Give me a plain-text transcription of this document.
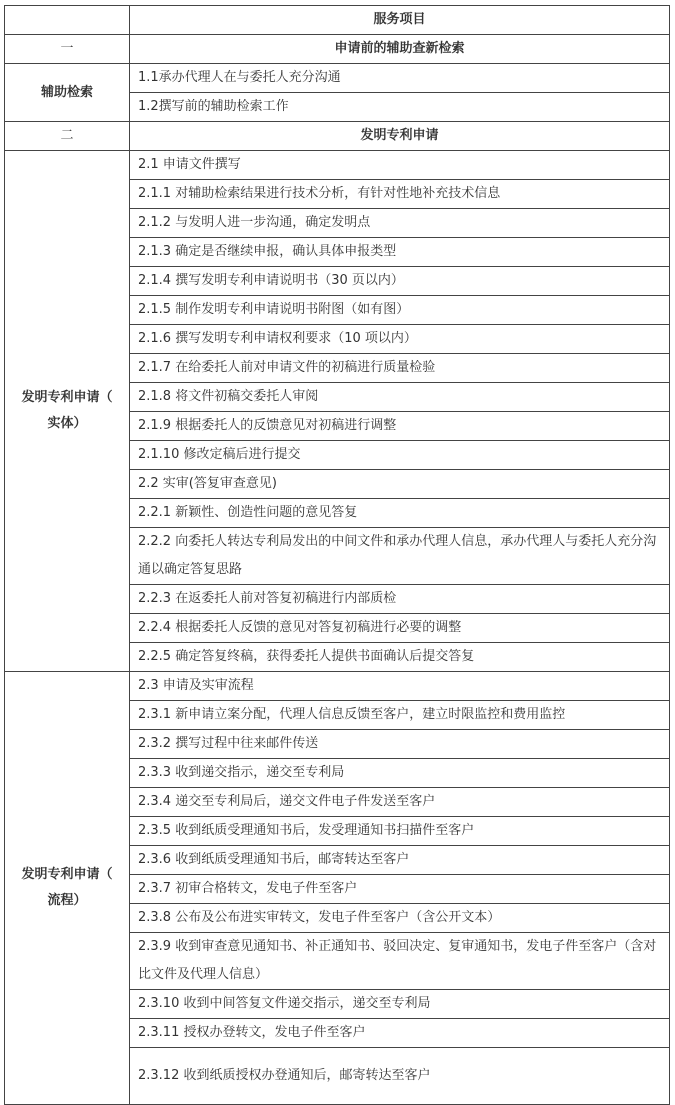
	服务项目
一	申请前的辅助查新检索

辅助检索	1.1承办代理人在与委托人充分沟通
	1.2撰写前的辅助检索工作
二	发明专利申请

发明专利申请（
实体）	2.1 申请文件撰写
	2.1.1 对辅助检索结果进行技术分析，有针对性地补充技术信息
	2.1.2 与发明人进一步沟通，确定发明点
	2.1.3 确定是否继续申报，确认具体申报类型
	2.1.4 撰写发明专利申请说明书（30 页以内）
	2.1.5 制作发明专利申请说明书附图（如有图）
	2.1.6 撰写发明专利申请权利要求（10 项以内）
	2.1.7 在给委托人前对申请文件的初稿进行质量检验
	2.1.8 将文件初稿交委托人审阅
	2.1.9 根据委托人的反馈意见对初稿进行调整
	2.1.10 修改定稿后进行提交
	2.2 实审(答复审查意见)
	2.2.1 新颖性、创造性问题的意见答复
	2.2.2 向委托人转达专利局发出的中间文件和承办代理人信息，承办代理人与委托人充分沟通以确定答复思路
	2.2.3 在返委托人前对答复初稿进行内部质检
	2.2.4 根据委托人反馈的意见对答复初稿进行必要的调整
	2.2.5 确定答复终稿，获得委托人提供书面确认后提交答复

发明专利申请（
流程）	2.3 申请及实审流程
	2.3.1 新申请立案分配，代理人信息反馈至客户，建立时限监控和费用监控
	2.3.2 撰写过程中往来邮件传送
	2.3.3 收到递交指示，递交至专利局
	2.3.4 递交至专利局后，递交文件电子件发送至客户
	2.3.5 收到纸质受理通知书后，发受理通知书扫描件至客户
	2.3.6 收到纸质受理通知书后，邮寄转达至客户
	2.3.7 初审合格转文，发电子件至客户
	2.3.8 公布及公布进实审转文，发电子件至客户（含公开文本）
	2.3.9 收到审查意见通知书、补正通知书、驳回决定、复审通知书，发电子件至客户（含对比文件及代理人信息）
	2.3.10 收到中间答复文件递交指示，递交至专利局
	2.3.11 授权办登转文，发电子件至客户
	2.3.12 收到纸质授权办登通知后，邮寄转达至客户
